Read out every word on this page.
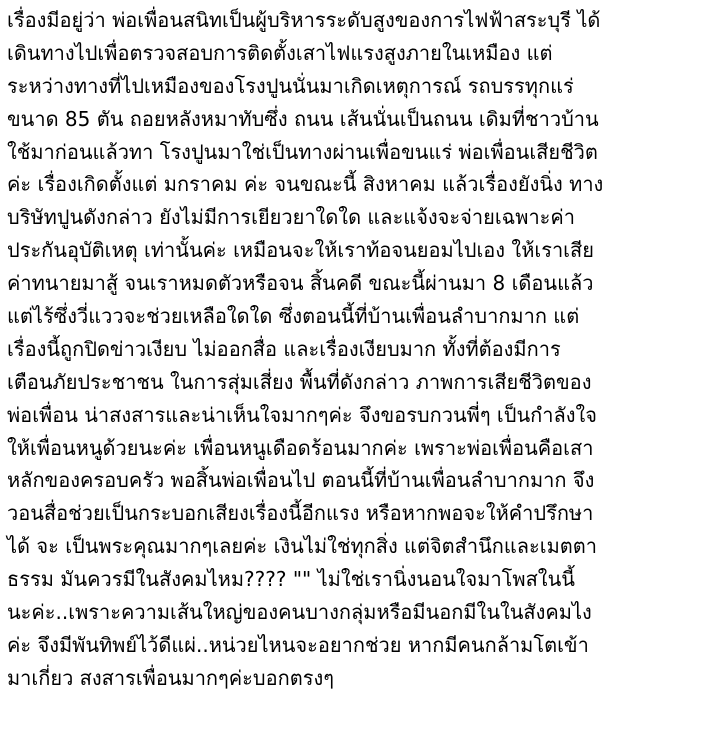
เรื่องมีอยู่ว่า พ่อเพื่อนสนิทเป็นผู้บริหารระดับสูงของการไฟฟ้าสระบุรี ได้
เดินทางไปเพื่อตรวจสอบการติดตั้งเสาไฟแรงสูงภายในเหมือง แต่
ระหว่างทางที่ไปเหมืองของโรงปูนนั่นมาเกิดเหตุการณ์ รถบรรทุกแร่
ขนาด 85 ตัน ถอยหลังหมาทับซึ่ง ถนน เส้นนั่นเป็นถนน เดิมที่ชาวบ้าน
ใช้มาก่อนแล้วทา โรงปูนมาใช่เป็นทางผ่านเพื่อขนแร่ พ่อเพื่อนเสียชีวิต
ค่ะ เรื่องเกิดตั้งแต่ มกราคม ค่ะ จนขณะนี้ สิงหาคม แล้วเรื่องยังนิ่ง ทาง
บริษัทปูนดังกล่าว ยังไม่มีการเยียวยาใดใด และแจ้งจะจ่ายเฉพาะค่า
ประกันอุบัติเหตุ เท่านั้นค่ะ เหมือนจะให้เราท้อจนยอมไปเอง ให้เราเสีย
ค่าทนายมาสู้ จนเราหมดตัวหรือจน สิ้นคดี ขณะนี้ผ่านมา 8 เดือนแล้ว
แต่ไร้ซึ่งวี่แววจะช่วยเหลือใดใด ซึ่งตอนนี้ที่บ้านเพื่อนลำบากมาก แต่
เรื่องนี้ถูกปิดข่าวเงียบ ไม่ออกสื่อ และเรื่องเงียบมาก ทั้งที่ต้องมีการ
เตือนภัยประชาชน ในการสุ่มเสี่ยง พื้นที่ดังกล่าว ภาพการเสียชีวิตของ
พ่อเพื่อน น่าสงสารและน่าเห็นใจมากๆค่ะ จึงขอรบกวนพี่ๆ เป็นกำลังใจ
ให้เพื่อนหนูด้วยนะค่ะ เพื่อนหนูเดือดร้อนมากค่ะ เพราะพ่อเพื่อนคือเสา
หลักของครอบครัว พอสิ้นพ่อเพื่อนไป ตอนนี้ที่บ้านเพื่อนลำบากมาก จึง
วอนสื่อช่วยเป็นกระบอกเสียงเรื่องนี้อีกแรง หรือหากพอจะให้คำปรึกษา
ได้ จะ เป็นพระคุณมากๆเลยค่ะ เงินไม่ใช่ทุกสิ่ง แต่จิตสำนึกและเมตตา
ธรรม มันควรมีในสังคมไหม???? "" ไม่ใช่เรานิ่งนอนใจมาโพสในนี้
นะค่ะ..เพราะความเส้นใหญ่ของคนบางกลุ่มหรือมีนอกมีในในสังคมไง
ค่ะ จึงมีพันทิพย์ไว้ดีแผ่..หน่วยไหนจะอยากช่วย หากมีคนกล้ามโตเข้า
มาเกี่ยว สงสารเพื่อนมากๆค่ะบอกตรงๆ
